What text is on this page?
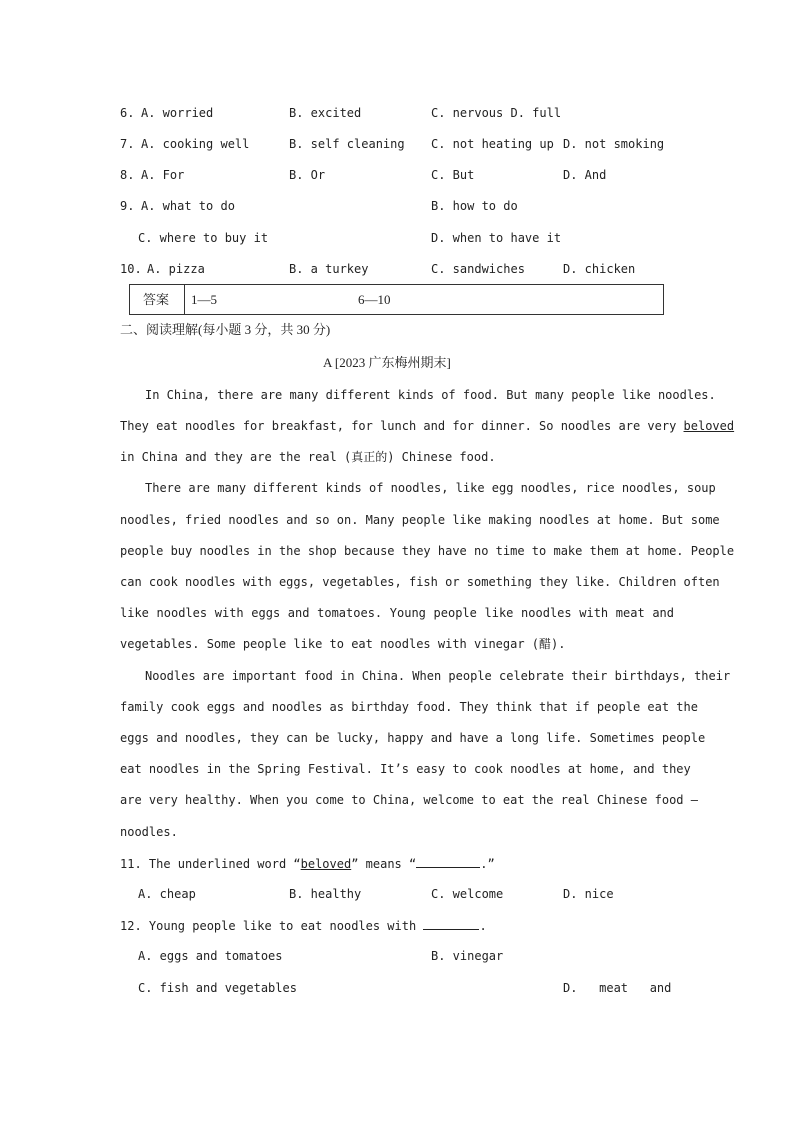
6. A. worried	B. excited	C. nervous D. full
7. A. cooking well	B. self cleaning C. not heating up D. not smoking
8. A. For	B. Or	C. But	D. And
9. A. what to do	B. how to do
C. where to buy it	D. when to have it
10. A. pizza	B. a turkey	C. sandwiches	D. chicken
答案 1—5	6—10
二、阅读理解(每小题 3 分，共 30 分)
A [2023 广东梅州期末]
In China, there are many different kinds of food. But many people like noodles.
They eat noodles for breakfast, for lunch and for dinner. So noodles are very beloved
in China and they are the real (真正的) Chinese food.
There are many different kinds of noodles, like egg noodles, rice noodles, soup
noodles, fried noodles and so on. Many people like making noodles at home. But some
people buy noodles in the shop because they have no time to make them at home. People
can cook noodles with eggs, vegetables, fish or something they like. Children often
like noodles with eggs and tomatoes. Young people like noodles with meat and
vegetables. Some people like to eat noodles with vinegar (醋).
Noodles are important food in China. When people celebrate their birthdays, their
family cook eggs and noodles as birthday food. They think that if people eat the
eggs and noodles, they can be lucky, happy and have a long life. Sometimes people
eat noodles in the Spring Festival. It’s easy to cook noodles at home, and they
are very healthy. When you come to China, welcome to eat the real Chinese food —
noodles.
11. The underlined word “beloved” means “	.”
A. cheap	B. healthy	C. welcome	D. nice
12. Young people like to eat noodles with	.
A. eggs and tomatoes	B. vinegar
C. fish and vegetables	D.   meat   and
